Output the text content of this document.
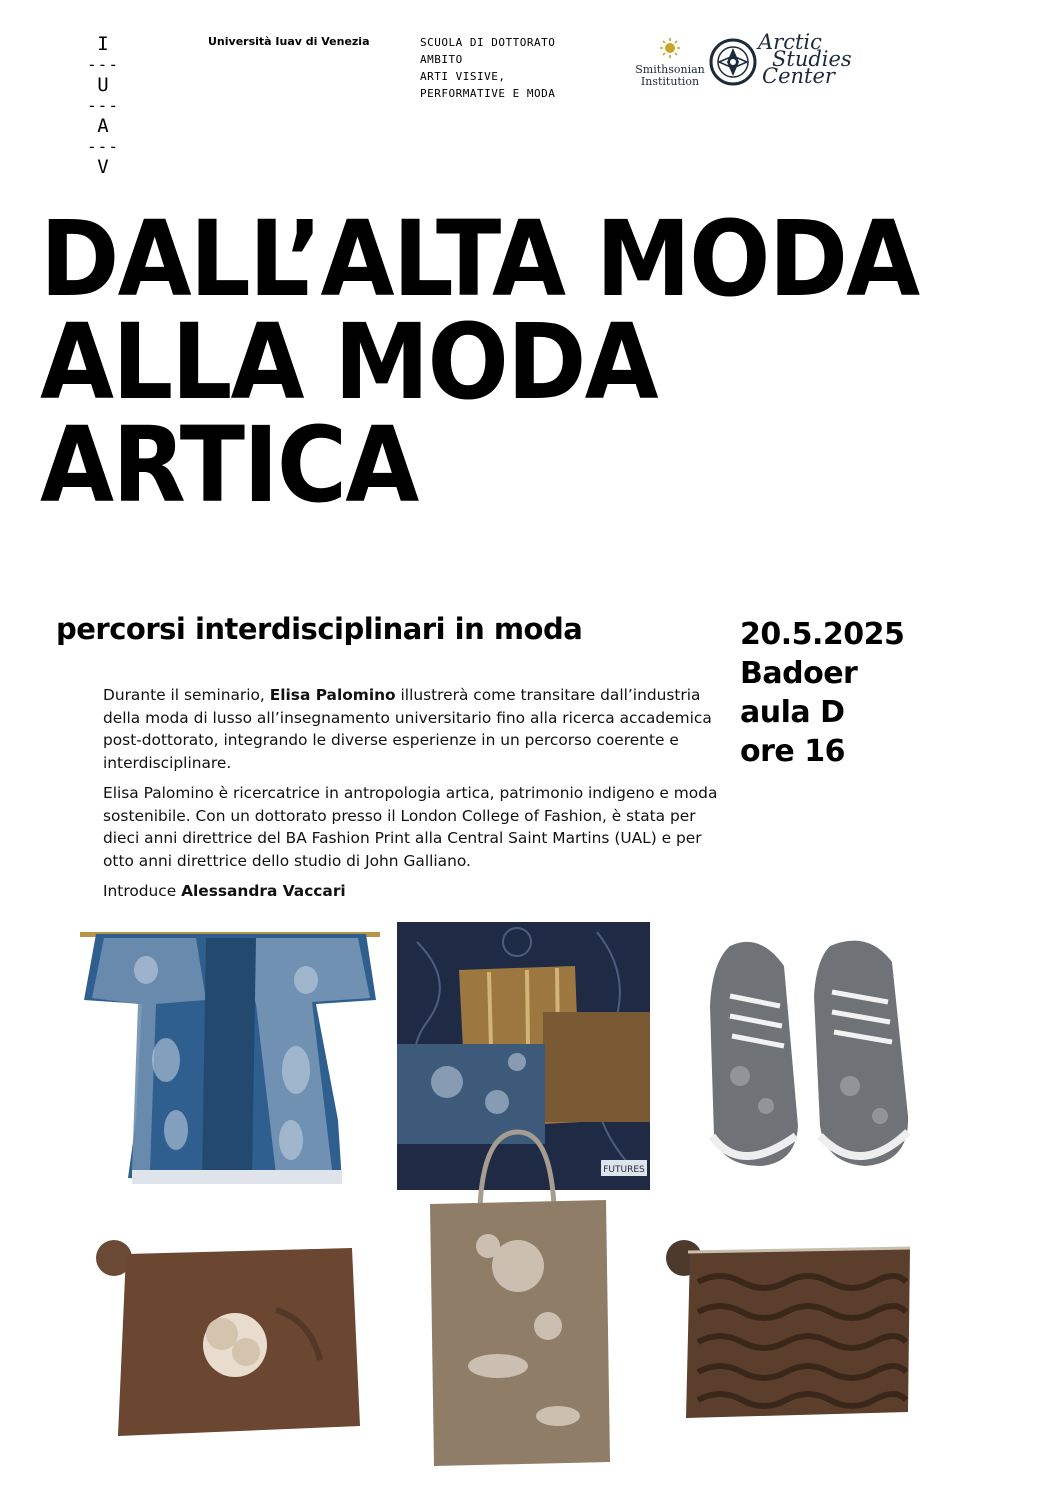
I
---
U
---
A
---
V
Università Iuav di Venezia	SCUOLA DI DOTTORATO
AMBITO
ARTI VISIVE,
PERFORMATIVE E MODA
Smithsonian
Institution
Arctic
Studies
Center
DALL’ALTA MODA
ALLA MODA
ARTICA
percorsi interdisciplinari in moda	20.5.2025
Badoer
aula D
ore 16

Durante il seminario, Elisa Palomino illustrerà come transitare dall’industria della moda di lusso all’insegnamento universitario fino alla ricerca accademica post-dottorato, integrando le diverse esperienze in un percorso coerente e interdisciplinare.

Elisa Palomino è ricercatrice in antropologia artica, patrimonio indigeno e moda sostenibile. Con un dottorato presso il London College of Fashion, è stata per dieci anni direttrice del BA Fashion Print alla Central Saint Martins (UAL) e per otto anni direttrice dello studio di John Galliano.

Introduce Alessandra Vaccari

FUTURES
